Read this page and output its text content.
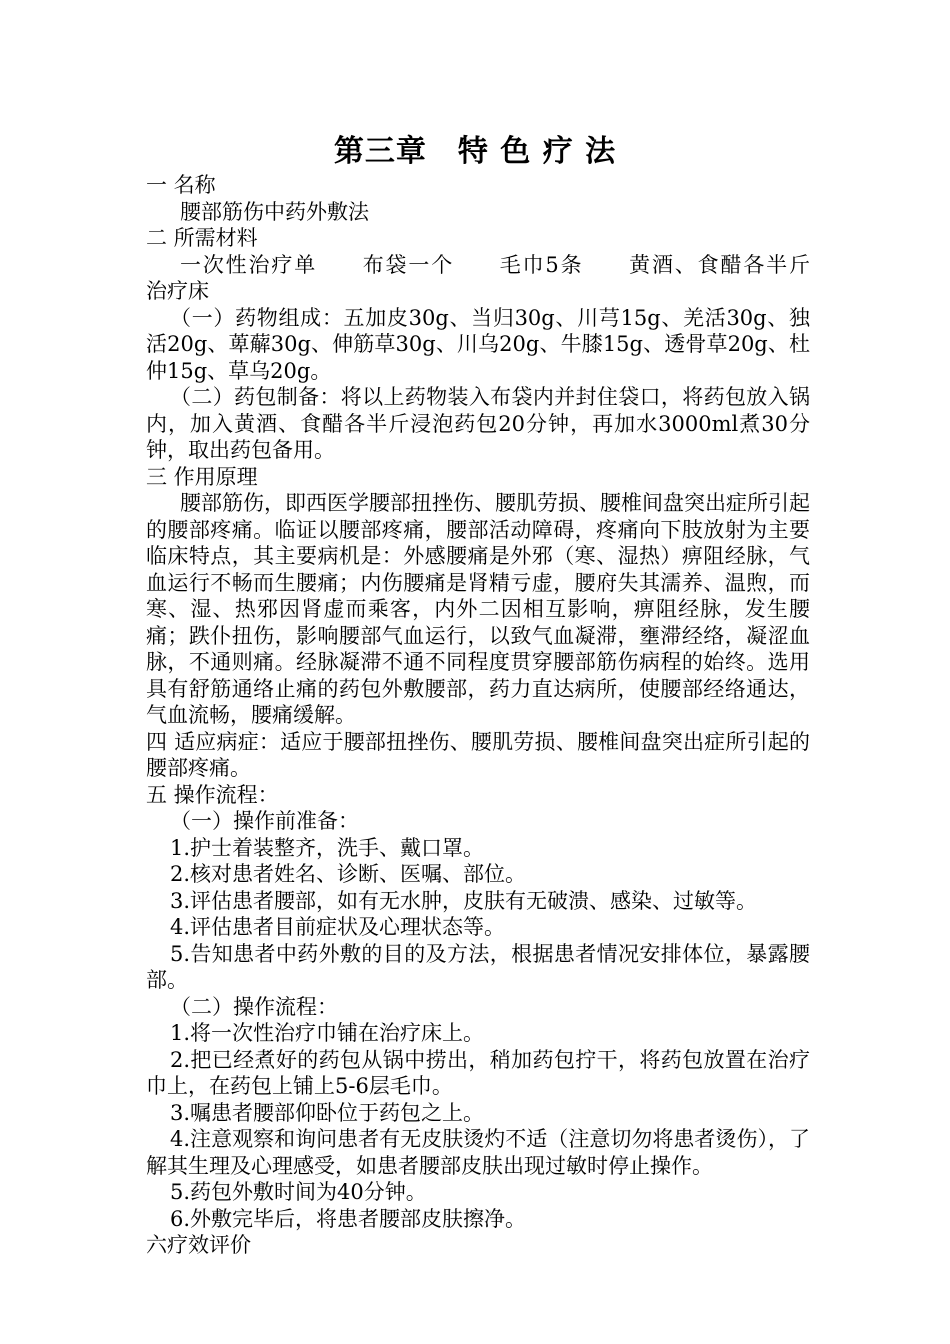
第三章　特 色 疗 法

一 名称

腰部筋伤中药外敷法

二 所需材料

一次性治疗单　　布袋一个　　毛巾5条　　黄酒、食醋各半斤　　治疗床

（一）药物组成：五加皮30g、当归30g、川芎15g、羌活30g、独活20g、萆薢30g、伸筋草30g、川乌20g、牛膝15g、透骨草20g、杜仲15g、草乌20g。

（二）药包制备：将以上药物装入布袋内并封住袋口，将药包放入锅内，加入黄酒、食醋各半斤浸泡药包20分钟，再加水3000ml煮30分钟，取出药包备用。

三 作用原理

腰部筋伤，即西医学腰部扭挫伤、腰肌劳损、腰椎间盘突出症所引起的腰部疼痛。临证以腰部疼痛，腰部活动障碍，疼痛向下肢放射为主要临床特点，其主要病机是：外感腰痛是外邪（寒、湿热）痹阻经脉，气血运行不畅而生腰痛；内伤腰痛是肾精亏虚，腰府失其濡养、温煦，而寒、湿、热邪因肾虚而乘客，内外二因相互影响，痹阻经脉，发生腰痛；跌仆扭伤，影响腰部气血运行，以致气血凝滞，壅滞经络，凝涩血脉，不通则痛。经脉凝滞不通不同程度贯穿腰部筋伤病程的始终。选用具有舒筋通络止痛的药包外敷腰部，药力直达病所，使腰部经络通达，气血流畅，腰痛缓解。

四 适应病症：适应于腰部扭挫伤、腰肌劳损、腰椎间盘突出症所引起的腰部疼痛。

五 操作流程：

（一）操作前准备：

1.护士着装整齐，洗手、戴口罩。

2.核对患者姓名、诊断、医嘱、部位。

3.评估患者腰部，如有无水肿，皮肤有无破溃、感染、过敏等。

4.评估患者目前症状及心理状态等。

5.告知患者中药外敷的目的及方法，根据患者情况安排体位，暴露腰部。

（二）操作流程：

1.将一次性治疗巾铺在治疗床上。

2.把已经煮好的药包从锅中捞出，稍加药包拧干，将药包放置在治疗巾上，在药包上铺上5-6层毛巾。

3.嘱患者腰部仰卧位于药包之上。

4.注意观察和询问患者有无皮肤烫灼不适（注意切勿将患者烫伤），了解其生理及心理感受，如患者腰部皮肤出现过敏时停止操作。

5.药包外敷时间为40分钟。

6.外敷完毕后，将患者腰部皮肤擦净。

六疗效评价
